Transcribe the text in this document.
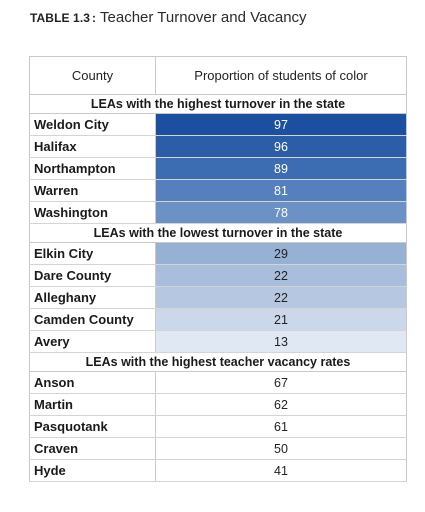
TABLE 1.3 : Teacher Turnover and Vacancy
County	Proportion of students of color
LEAs with the highest turnover in the state	
Weldon City	97
Halifax	96
Northampton	89
Warren	81
Washington	78
LEAs with the lowest turnover in the state	
Elkin City	29
Dare County	22
Alleghany	22
Camden County	21
Avery	13
LEAs with the highest teacher vacancy rates	
Anson	67
Martin	62
Pasquotank	61
Craven	50
Hyde	41
